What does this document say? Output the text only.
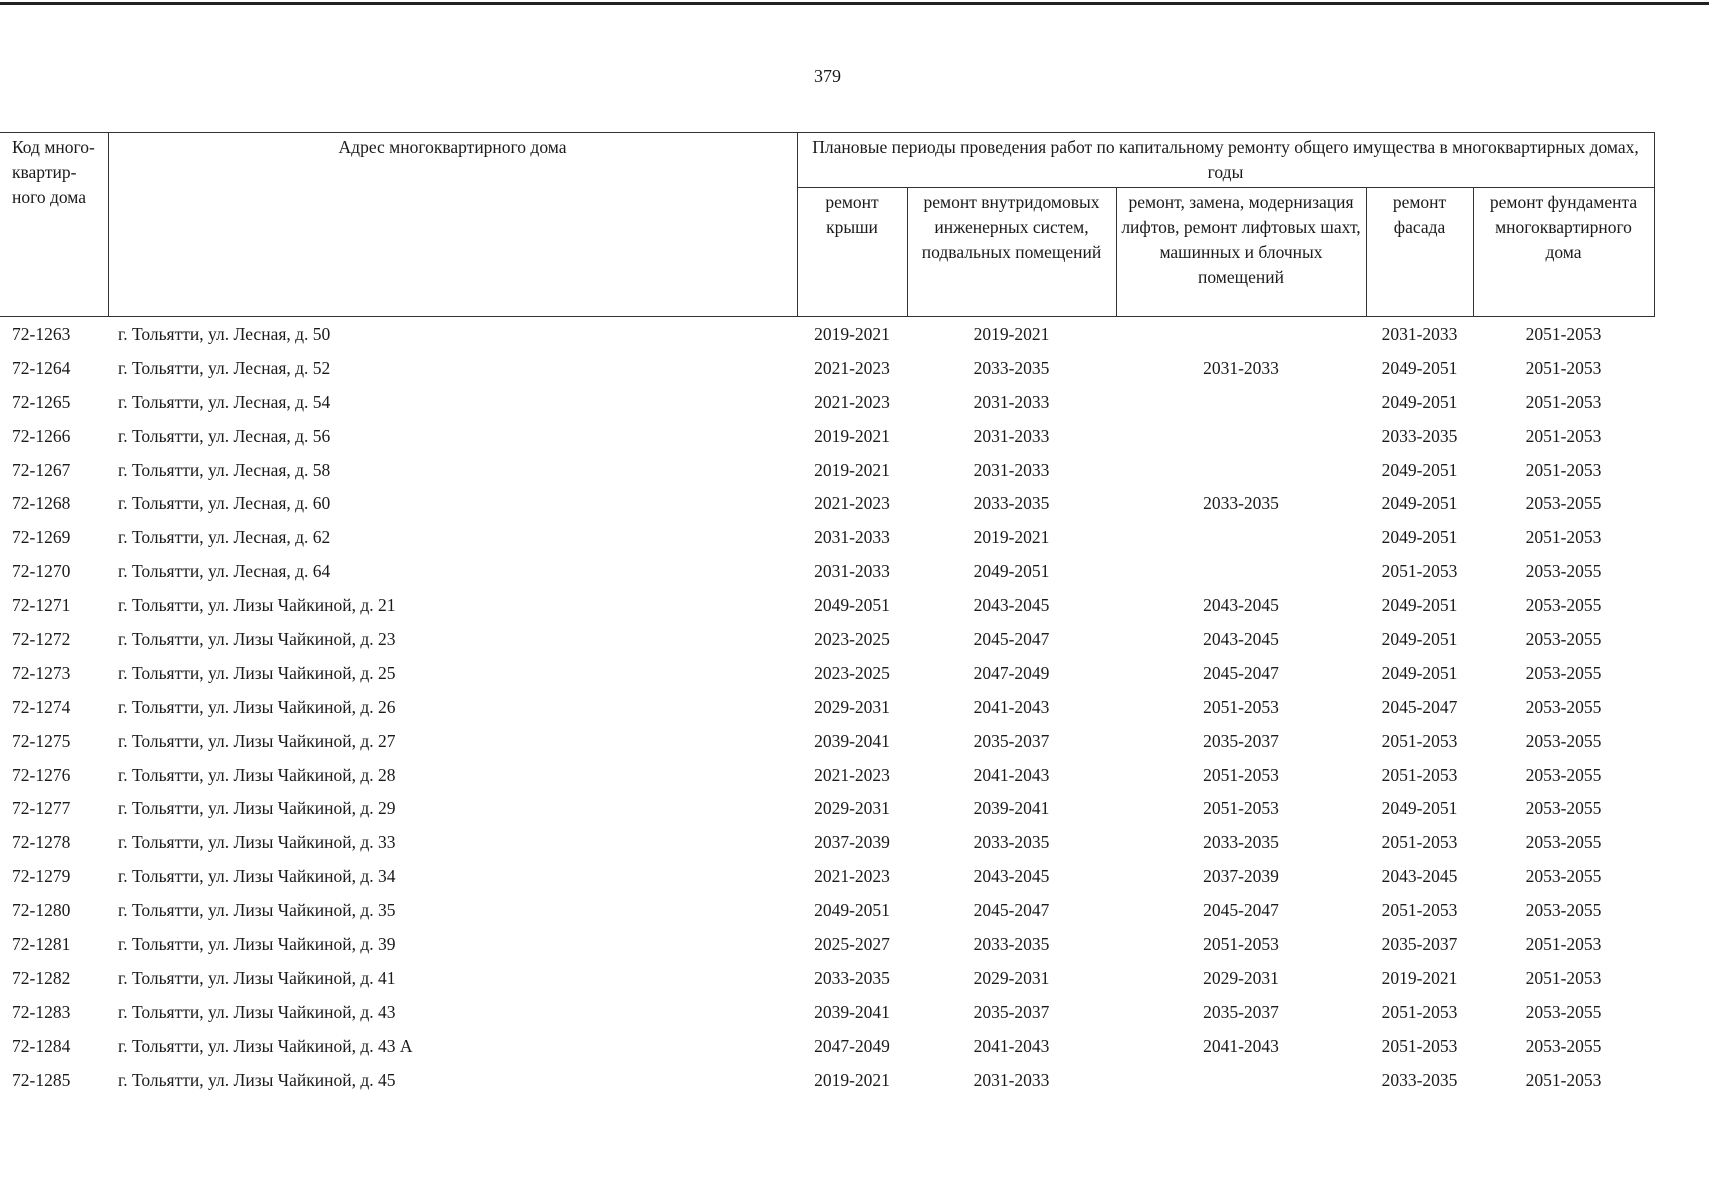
379
Код много-квартир-ного дома	Адрес многоквартирного дома	Плановые периоды проведения работ по капитальному ремонту общего имущества в многоквартирных домах, годы				
		ремонт крыши	ремонт внутридомовых инженерных систем, подвальных помещений	ремонт, замена, модернизация лифтов, ремонт лифтовых шахт, машинных и блочных помещений	ремонт фасада	ремонт фундамента многоквартирного дома
72-1263	г. Тольятти, ул. Лесная, д. 50	2019-2021	2019-2021		2031-2033	2051-2053
72-1264	г. Тольятти, ул. Лесная, д. 52	2021-2023	2033-2035	2031-2033	2049-2051	2051-2053
72-1265	г. Тольятти, ул. Лесная, д. 54	2021-2023	2031-2033		2049-2051	2051-2053
72-1266	г. Тольятти, ул. Лесная, д. 56	2019-2021	2031-2033		2033-2035	2051-2053
72-1267	г. Тольятти, ул. Лесная, д. 58	2019-2021	2031-2033		2049-2051	2051-2053
72-1268	г. Тольятти, ул. Лесная, д. 60	2021-2023	2033-2035	2033-2035	2049-2051	2053-2055
72-1269	г. Тольятти, ул. Лесная, д. 62	2031-2033	2019-2021		2049-2051	2051-2053
72-1270	г. Тольятти, ул. Лесная, д. 64	2031-2033	2049-2051		2051-2053	2053-2055
72-1271	г. Тольятти, ул. Лизы Чайкиной, д. 21	2049-2051	2043-2045	2043-2045	2049-2051	2053-2055
72-1272	г. Тольятти, ул. Лизы Чайкиной, д. 23	2023-2025	2045-2047	2043-2045	2049-2051	2053-2055
72-1273	г. Тольятти, ул. Лизы Чайкиной, д. 25	2023-2025	2047-2049	2045-2047	2049-2051	2053-2055
72-1274	г. Тольятти, ул. Лизы Чайкиной, д. 26	2029-2031	2041-2043	2051-2053	2045-2047	2053-2055
72-1275	г. Тольятти, ул. Лизы Чайкиной, д. 27	2039-2041	2035-2037	2035-2037	2051-2053	2053-2055
72-1276	г. Тольятти, ул. Лизы Чайкиной, д. 28	2021-2023	2041-2043	2051-2053	2051-2053	2053-2055
72-1277	г. Тольятти, ул. Лизы Чайкиной, д. 29	2029-2031	2039-2041	2051-2053	2049-2051	2053-2055
72-1278	г. Тольятти, ул. Лизы Чайкиной, д. 33	2037-2039	2033-2035	2033-2035	2051-2053	2053-2055
72-1279	г. Тольятти, ул. Лизы Чайкиной, д. 34	2021-2023	2043-2045	2037-2039	2043-2045	2053-2055
72-1280	г. Тольятти, ул. Лизы Чайкиной, д. 35	2049-2051	2045-2047	2045-2047	2051-2053	2053-2055
72-1281	г. Тольятти, ул. Лизы Чайкиной, д. 39	2025-2027	2033-2035	2051-2053	2035-2037	2051-2053
72-1282	г. Тольятти, ул. Лизы Чайкиной, д. 41	2033-2035	2029-2031	2029-2031	2019-2021	2051-2053
72-1283	г. Тольятти, ул. Лизы Чайкиной, д. 43	2039-2041	2035-2037	2035-2037	2051-2053	2053-2055
72-1284	г. Тольятти, ул. Лизы Чайкиной, д. 43 А	2047-2049	2041-2043	2041-2043	2051-2053	2053-2055
72-1285	г. Тольятти, ул. Лизы Чайкиной, д. 45	2019-2021	2031-2033		2033-2035	2051-2053
